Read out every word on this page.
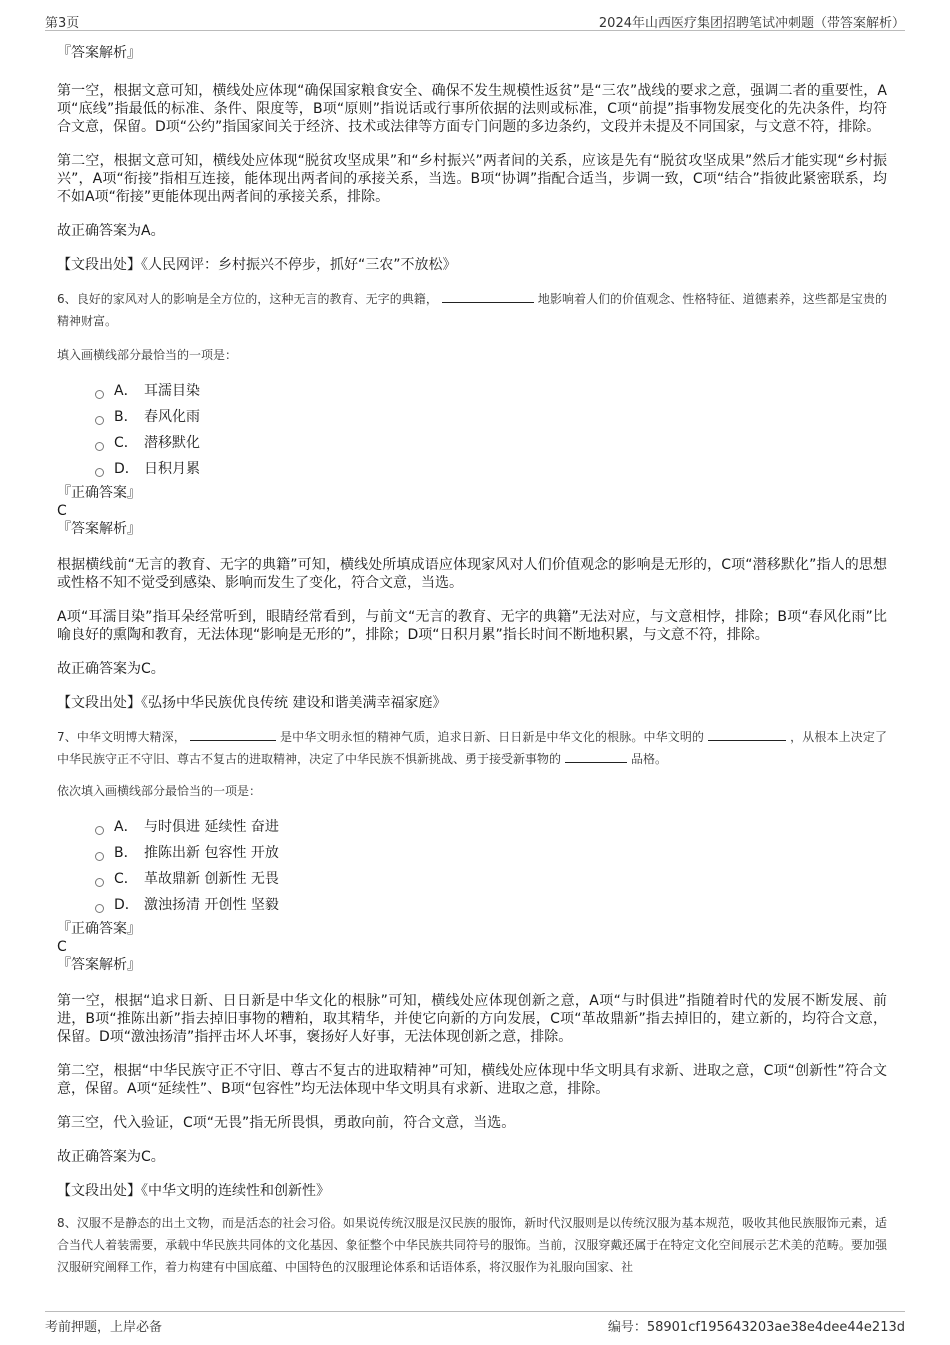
第3页	2024年山西医疗集团招聘笔试冲刺题（带答案解析）

『答案解析』

第一空，根据文意可知，横线处应体现“确保国家粮食安全、确保不发生规模性返贫”是“三农”战线的要求之意，强调二者的重要性，A项“底线”指最低的标准、条件、限度等，B项“原则”指说话或行事所依据的法则或标准，C项“前提”指事物发展变化的先决条件，均符合文意，保留。D项“公约”指国家间关于经济、技术或法律等方面专门问题的多边条约，文段并未提及不同国家，与文意不符，排除。

第二空，根据文意可知，横线处应体现“脱贫攻坚成果”和“乡村振兴”两者间的关系，应该是先有“脱贫攻坚成果”然后才能实现“乡村振兴”，A项“衔接”指相互连接，能体现出两者间的承接关系，当选。B项“协调”指配合适当，步调一致，C项“结合”指彼此紧密联系，均不如A项“衔接”更能体现出两者间的承接关系，排除。

故正确答案为A。

【文段出处】《人民网评：乡村振兴不停步，抓好“三农”不放松》

6、良好的家风对人的影响是全方位的，这种无言的教育、无字的典籍，	地影响着人们的价值观念、性格特征、道德素养，这些都是宝贵的精神财富。

填入画横线部分最恰当的一项是：

A． 耳濡目染
B． 春风化雨
C． 潜移默化
D． 日积月累

『正确答案』

C

『答案解析』

根据横线前“无言的教育、无字的典籍”可知，横线处所填成语应体现家风对人们价值观念的影响是无形的，C项“潜移默化”指人的思想或性格不知不觉受到感染、影响而发生了变化，符合文意，当选。

A项“耳濡目染”指耳朵经常听到，眼睛经常看到，与前文“无言的教育、无字的典籍”无法对应，与文意相悖，排除；B项“春风化雨”比喻良好的熏陶和教育，无法体现“影响是无形的”，排除；D项“日积月累”指长时间不断地积累，与文意不符，排除。

故正确答案为C。

【文段出处】《弘扬中华民族优良传统 建设和谐美满幸福家庭》

7、中华文明博大精深，	是中华文明永恒的精神气质，追求日新、日日新是中华文化的根脉。中华文明的	，从根本上决定了中华民族守正不守旧、尊古不复古的进取精神，决定了中华民族不惧新挑战、勇于接受新事物的	品格。

依次填入画横线部分最恰当的一项是：

A． 与时俱进 延续性 奋进
B． 推陈出新 包容性 开放
C． 革故鼎新 创新性 无畏
D． 激浊扬清 开创性 坚毅

『正确答案』

C

『答案解析』

第一空，根据“追求日新、日日新是中华文化的根脉”可知，横线处应体现创新之意，A项“与时俱进”指随着时代的发展不断发展、前进，B项“推陈出新”指去掉旧事物的糟粕，取其精华，并使它向新的方向发展，C项“革故鼎新”指去掉旧的，建立新的，均符合文意，保留。D项“激浊扬清”指抨击坏人坏事，褒扬好人好事，无法体现创新之意，排除。

第二空，根据“中华民族守正不守旧、尊古不复古的进取精神”可知，横线处应体现中华文明具有求新、进取之意，C项“创新性”符合文意，保留。A项“延续性”、B项“包容性”均无法体现中华文明具有求新、进取之意，排除。

第三空，代入验证，C项“无畏”指无所畏惧，勇敢向前，符合文意，当选。

故正确答案为C。

【文段出处】《中华文明的连续性和创新性》

8、汉服不是静态的出土文物，而是活态的社会习俗。如果说传统汉服是汉民族的服饰，新时代汉服则是以传统汉服为基本规范，吸收其他民族服饰元素，适合当代人着装需要，承载中华民族共同体的文化基因、象征整个中华民族共同符号的服饰。当前，汉服穿戴还属于在特定文化空间展示艺术美的范畴。要加强汉服研究阐释工作，着力构建有中国底蕴、中国特色的汉服理论体系和话语体系，将汉服作为礼服向国家、社

考前押题，上岸必备	编号：58901cf195643203ae38e4dee44e213d
